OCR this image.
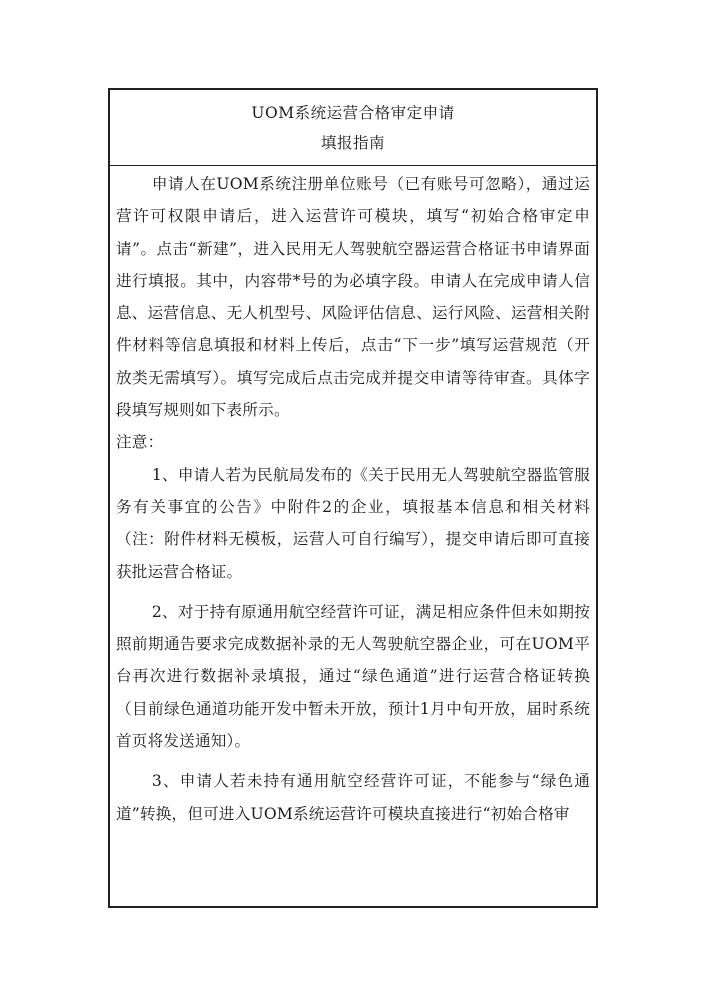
UOM系统运营合格审定申请
填报指南

申请人在UOM系统注册单位账号（已有账号可忽略），通过运营许可权限申请后，进入运营许可模块，填写“初始合格审定申请”。点击“新建”，进入民用无人驾驶航空器运营合格证书申请界面进行填报。其中，内容带*号的为必填字段。申请人在完成申请人信息、运营信息、无人机型号、风险评估信息、运行风险、运营相关附件材料等信息填报和材料上传后，点击“下一步”填写运营规范（开放类无需填写）。填写完成后点击完成并提交申请等待审查。具体字段填写规则如下表所示。

注意：

1、申请人若为民航局发布的《关于民用无人驾驶航空器监管服务有关事宜的公告》中附件2的企业，填报基本信息和相关材料（注：附件材料无模板，运营人可自行编写），提交申请后即可直接获批运营合格证。

2、对于持有原通用航空经营许可证，满足相应条件但未如期按照前期通告要求完成数据补录的无人驾驶航空器企业，可在UOM平台再次进行数据补录填报，通过“绿色通道”进行运营合格证转换（目前绿色通道功能开发中暂未开放，预计1月中旬开放，届时系统首页将发送通知）。

3、申请人若未持有通用航空经营许可证，不能参与“绿色通道”转换，但可进入UOM系统运营许可模块直接进行“初始合格审
